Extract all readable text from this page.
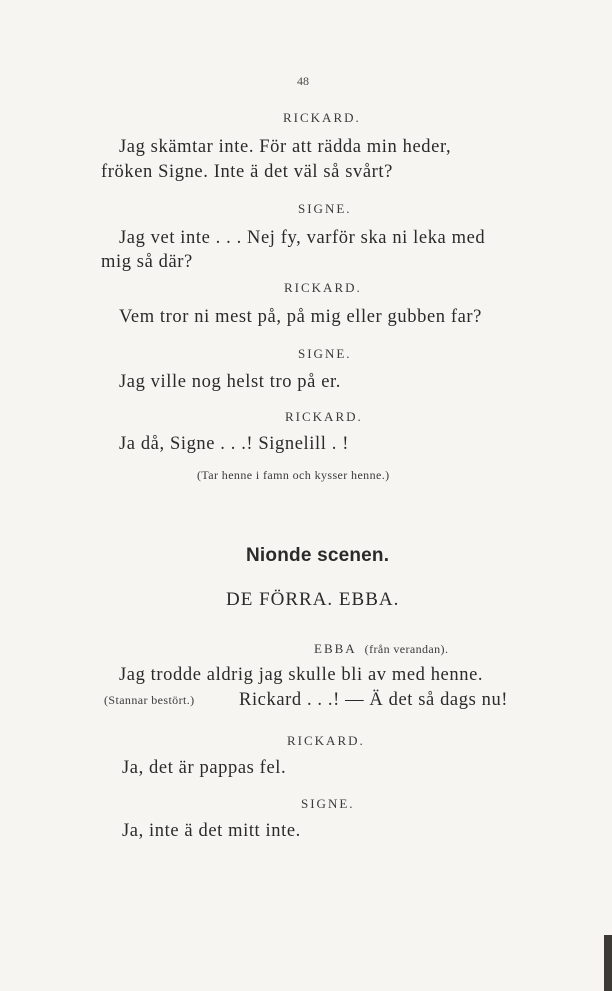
48
RICKARD.
Jag skämtar inte. För att rädda min heder,
fröken Signe. Inte ä det väl så svårt?
SIGNE.
Jag vet inte . . . Nej fy, varför ska ni leka med
mig så där?
RICKARD.
Vem tror ni mest på, på mig eller gubben far?
SIGNE.
Jag ville nog helst tro på er.
RICKARD.
Ja då, Signe . . .! Signelill . !
(Tar henne i famn och kysser henne.)
Nionde scenen.
DE FÖRRA. EBBA.
EBBA (från verandan).
Jag trodde aldrig jag skulle bli av med henne.
(Stannar bestört.) Rickard . . .! — Ä det så dags nu!
RICKARD.
Ja, det är pappas fel.
SIGNE.
Ja, inte ä det mitt inte.
